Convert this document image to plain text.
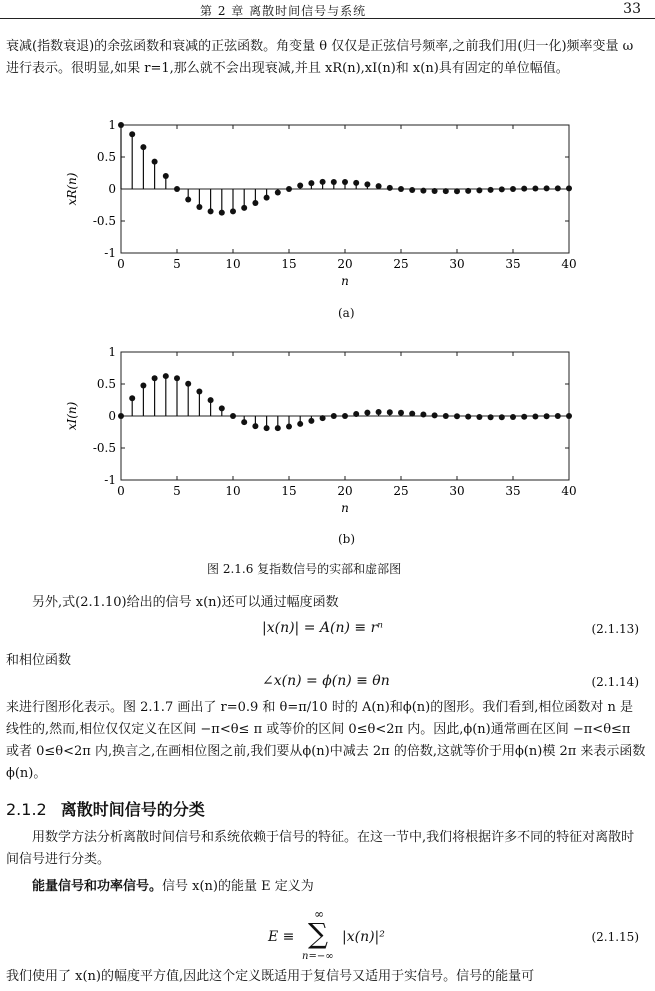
第 2 章 离散时间信号与系统	33
衰减(指数衰退)的余弦函数和衰减的正弦函数。角变量 θ 仅仅是正弦信号频率,之前我们用(归一化)频率变量 ω 进行表示。很明显,如果 r=1,那么就不会出现衰减,并且 xR(n),xI(n)和 x(n)具有固定的单位幅值。
0	5	10	15	20	25	30	35	40
1
0.5
0
-0.5
-1
n
xR(n)
0	5	10	15	20	25	30	35	40
1
0.5
0
-0.5
-1
n
xI(n)
(a)
(b)
图 2.1.6 复指数信号的实部和虚部图
另外,式(2.1.10)给出的信号 x(n)还可以通过幅度函数
|x(n)| = A(n) ≡ rⁿ	(2.1.13)
和相位函数
∠x(n) = ϕ(n) ≡ θn	(2.1.14)
来进行图形化表示。图 2.1.7 画出了 r=0.9 和 θ=π/10 时的 A(n)和ϕ(n)的图形。我们看到,相位函数对 n 是线性的,然而,相位仅仅定义在区间 −π<θ≤ π 或等价的区间 0≤θ<2π 内。因此,ϕ(n)通常画在区间 −π<θ≤π 或者 0≤θ<2π 内,换言之,在画相位图之前,我们要从ϕ(n)中减去 2π 的倍数,这就等价于用ϕ(n)模 2π 来表示函数ϕ(n)。
2.1.2 离散时间信号的分类
用数学方法分析离散时间信号和系统依赖于信号的特征。在这一节中,我们将根据许多不同的特征对离散时间信号进行分类。
能量信号和功率信号。信号 x(n)的能量 E 定义为
E ≡
∞
∑
n=−∞
|x(n)|²	(2.1.15)
我们使用了 x(n)的幅度平方值,因此这个定义既适用于复信号又适用于实信号。信号的能量可
